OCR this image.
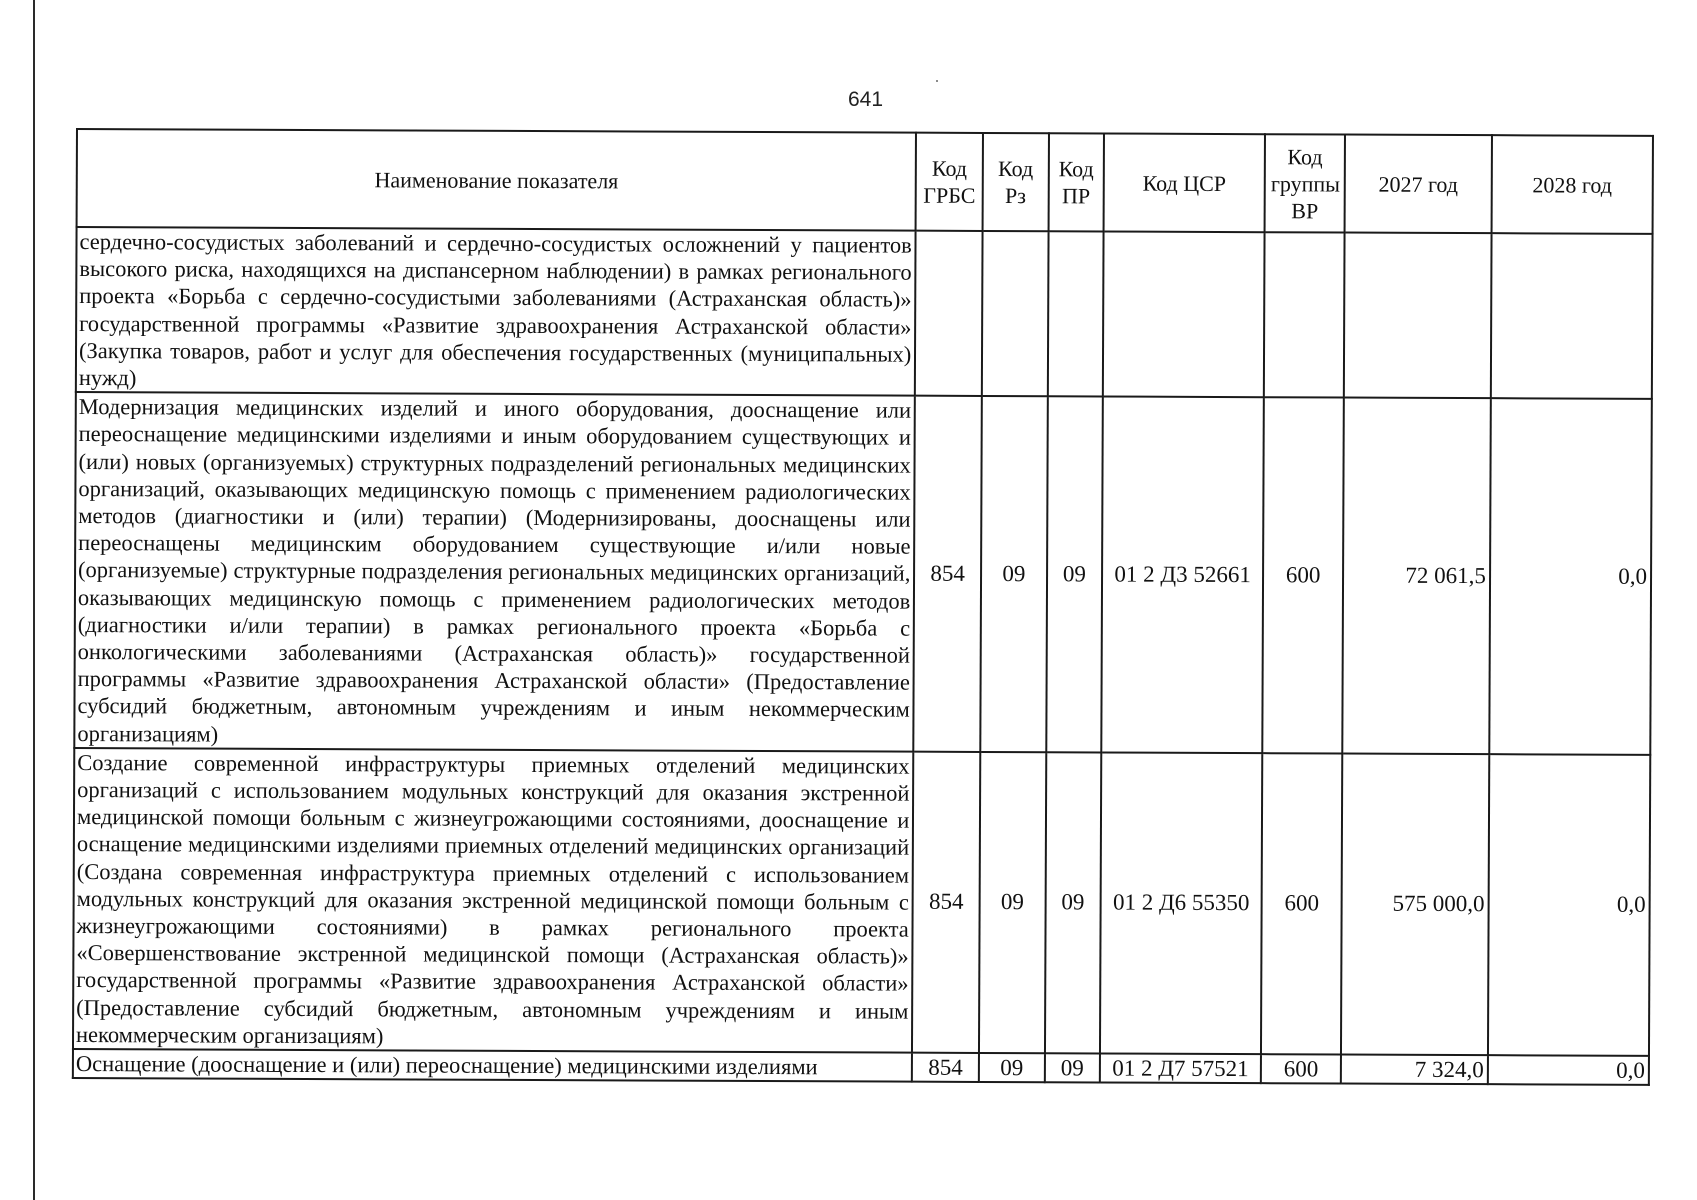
641
Наименование показателя	Код ГРБС	Код Рз	Код ПР	Код ЦСР	Код группы ВР	2027 год	2028 год
сердечно-сосудистых заболеваний и сердечно-сосудистых осложнений у пациентов высокого риска, находящихся на диспансерном наблюдении) в рамках регионального проекта «Борьба с сердечно-сосудистыми заболеваниями (Астраханская область)» государственной программы «Развитие здравоохранения Астраханской области» (Закупка товаров, работ и услуг для обеспечения государственных (муниципальных) нужд)							
Модернизация медицинских изделий и иного оборудования, дооснащение или переоснащение медицинскими изделиями и иным оборудованием существующих и (или) новых (организуемых) структурных подразделений региональных медицинских организаций, оказывающих медицинскую помощь с применением радиологических методов (диагностики и (или) терапии) (Модернизированы, дооснащены или переоснащены медицинским оборудованием существующие и/или новые (организуемые) структурные подразделения региональных медицинских организаций, оказывающих медицинскую помощь с применением радиологических методов (диагностики и/или терапии) в рамках регионального проекта «Борьба с онкологическими заболеваниями (Астраханская область)» государственной программы «Развитие здравоохранения Астраханской области» (Предоставление субсидий бюджетным, автономным учреждениям и иным некоммерческим организациям)	854	09	09	01 2 Д3 52661	600	72 061,5	0,0
Создание современной инфраструктуры приемных отделений медицинских организаций с использованием модульных конструкций для оказания экстренной медицинской помощи больным с жизнеугрожающими состояниями, дооснащение и оснащение медицинскими изделиями приемных отделений медицинских организаций (Создана современная инфраструктура приемных отделений с использованием модульных конструкций для оказания экстренной медицинской помощи больным с жизнеугрожающими состояниями) в рамках регионального проекта «Совершенствование экстренной медицинской помощи (Астраханская область)» государственной программы «Развитие здравоохранения Астраханской области» (Предоставление субсидий бюджетным, автономным учреждениям и иным некоммерческим организациям)	854	09	09	01 2 Д6 55350	600	575 000,0	0,0
Оснащение (дооснащение и (или) переоснащение) медицинскими изделиями	854	09	09	01 2 Д7 57521	600	7 324,0	0,0
